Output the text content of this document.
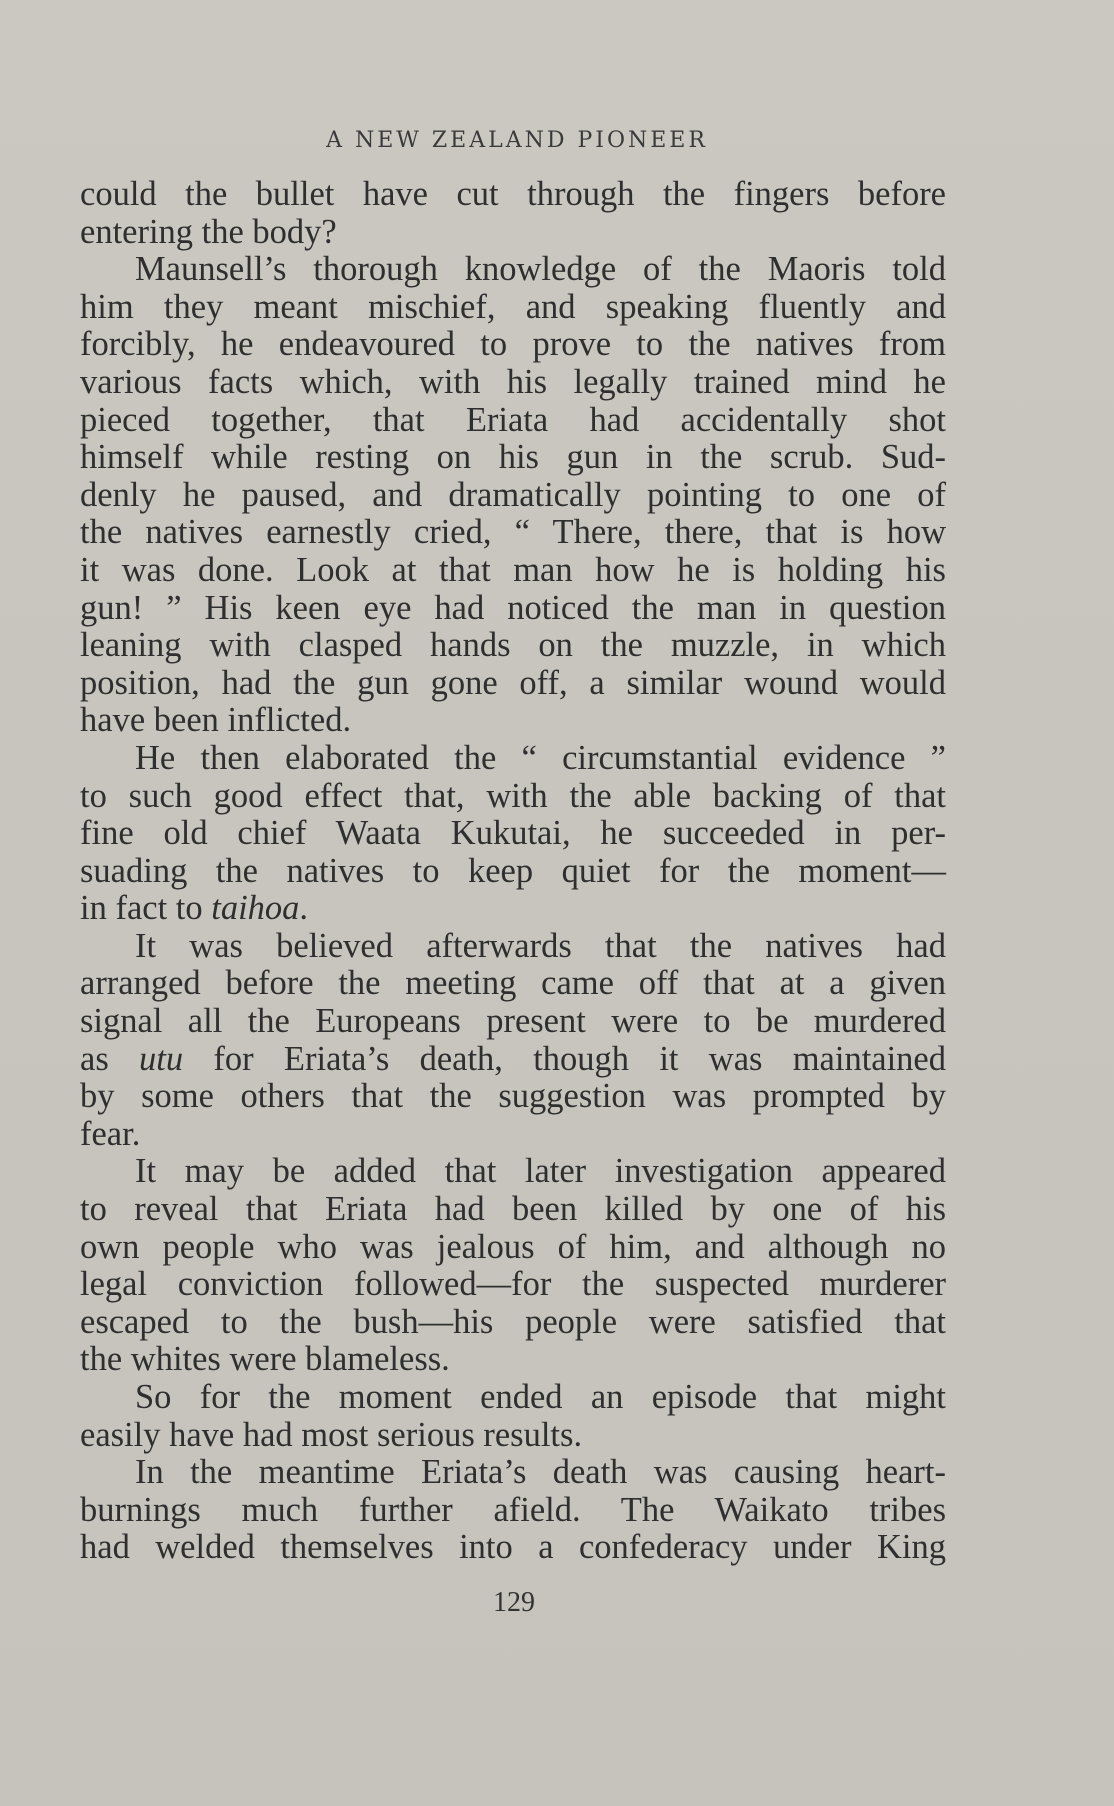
A NEW ZEALAND PIONEER
could the bullet have cut through the fingers before
entering the body?
Maunsell’s thorough knowledge of the Maoris told
him they meant mischief, and speaking fluently and
forcibly, he endeavoured to prove to the natives from
various facts which, with his legally trained mind he
pieced together, that Eriata had accidentally shot
himself while resting on his gun in the scrub. Sud-
denly he paused, and dramatically pointing to one of
the natives earnestly cried, “ There, there, that is how
it was done. Look at that man how he is holding his
gun! ” His keen eye had noticed the man in question
leaning with clasped hands on the muzzle, in which
position, had the gun gone off, a similar wound would
have been inflicted.
He then elaborated the “ circumstantial evidence ”
to such good effect that, with the able backing of that
fine old chief Waata Kukutai, he succeeded in per-
suading the natives to keep quiet for the moment—
in fact to taihoa.
It was believed afterwards that the natives had
arranged before the meeting came off that at a given
signal all the Europeans present were to be murdered
as utu for Eriata’s death, though it was maintained
by some others that the suggestion was prompted by
fear.
It may be added that later investigation appeared
to reveal that Eriata had been killed by one of his
own people who was jealous of him, and although no
legal conviction followed—for the suspected murderer
escaped to the bush—his people were satisfied that
the whites were blameless.
So for the moment ended an episode that might
easily have had most serious results.
In the meantime Eriata’s death was causing heart-
burnings much further afield. The Waikato tribes
had welded themselves into a confederacy under King
129
